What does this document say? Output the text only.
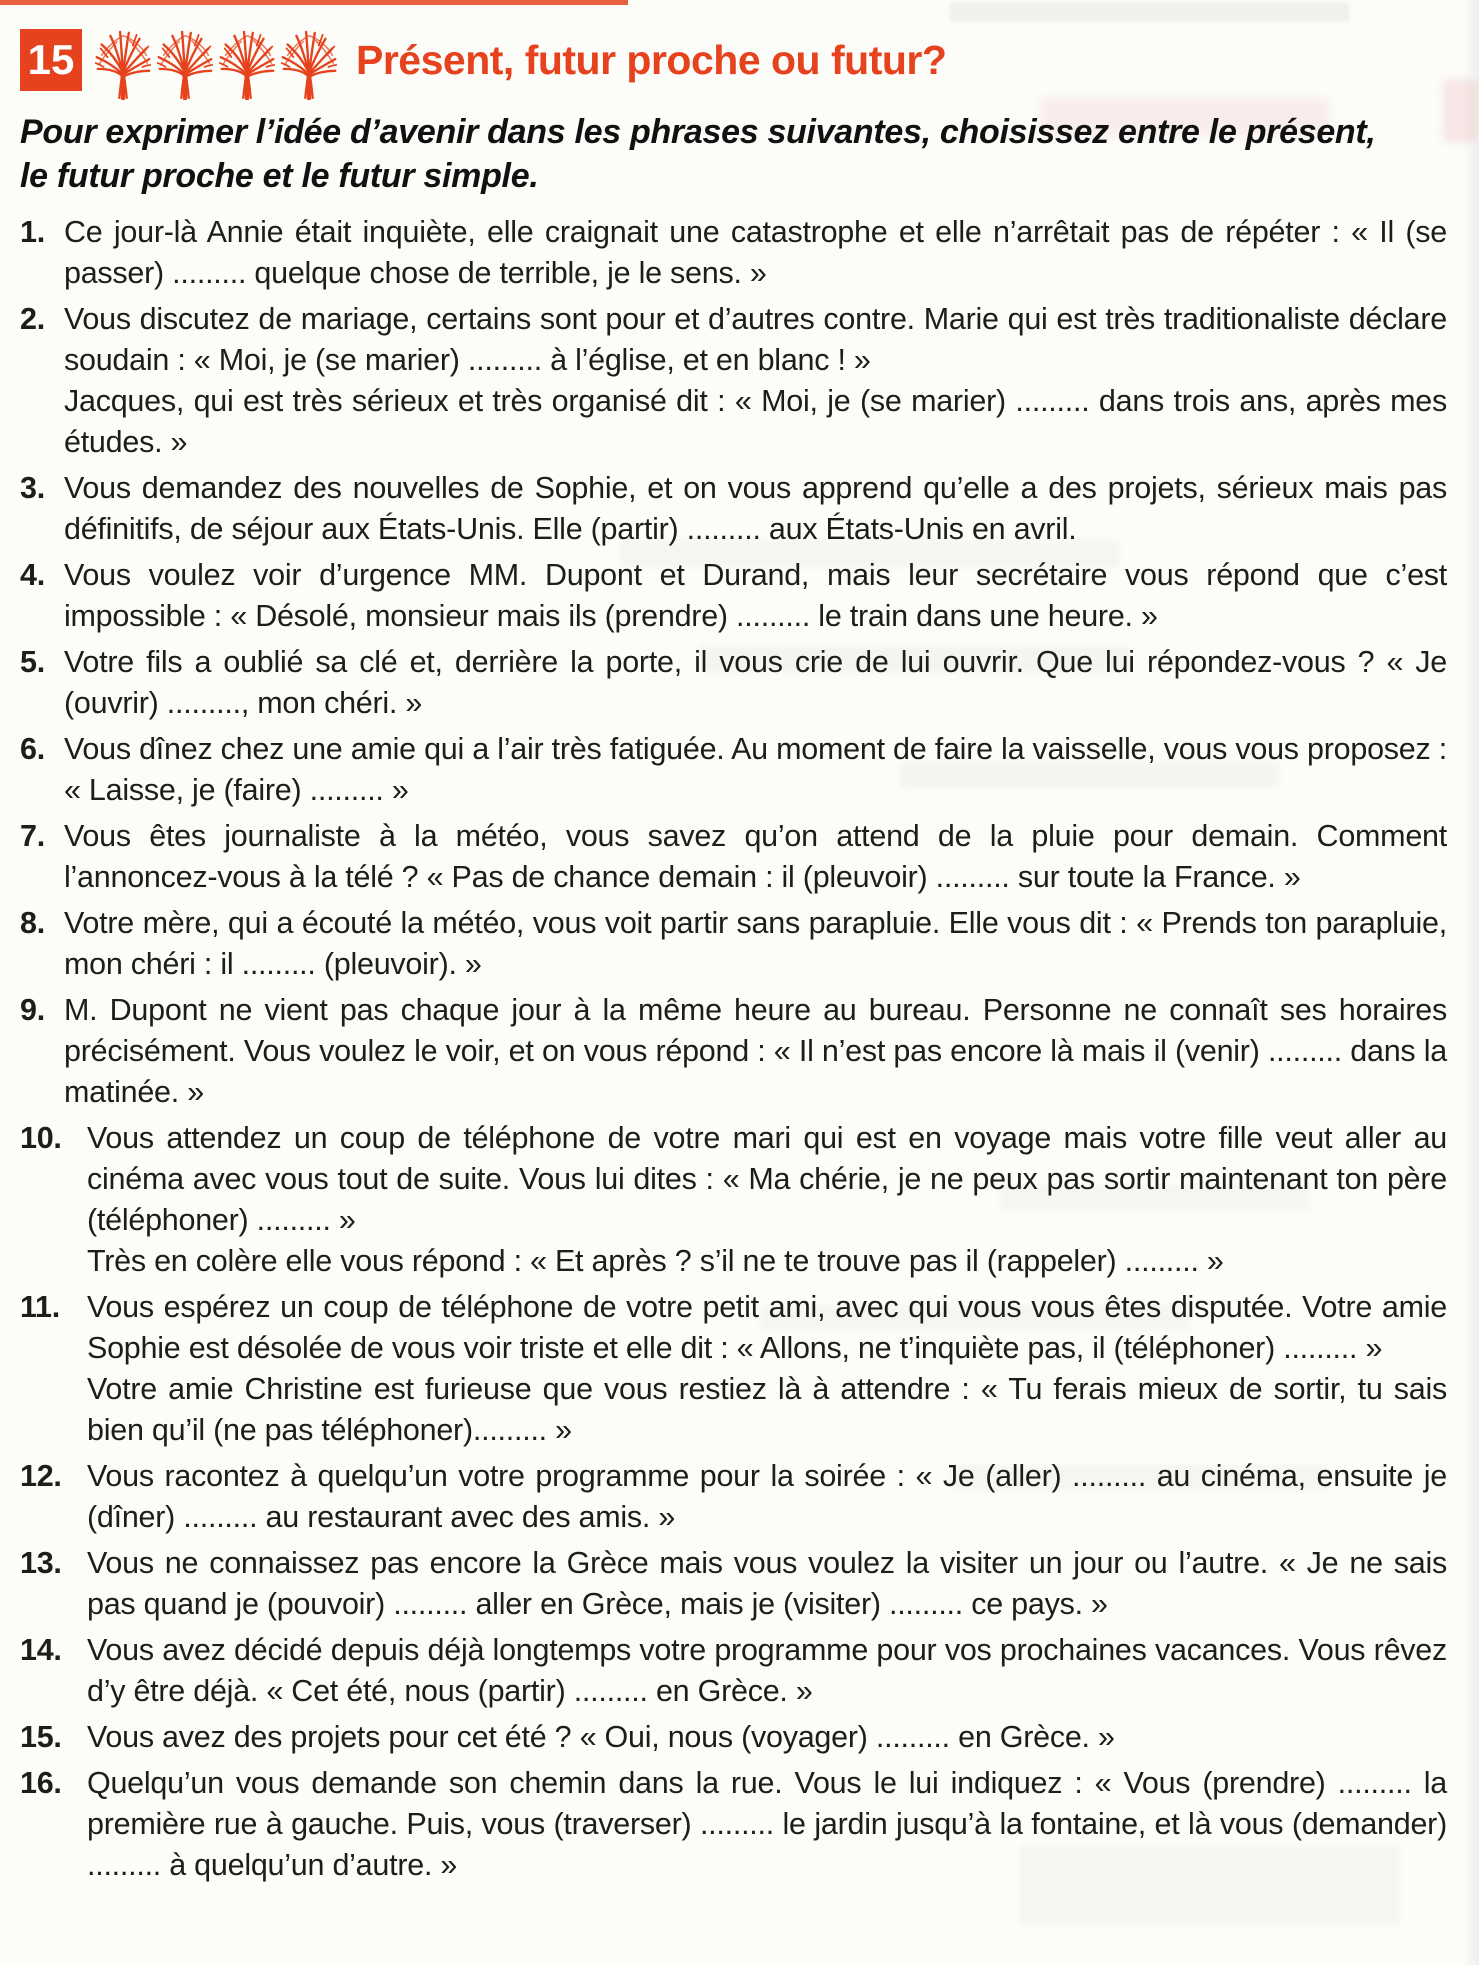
15	Présent, futur proche ou futur?

Pour exprimer l’idée d’avenir dans les phrases suivantes, choisissez entre le présent, le futur proche et le futur simple.

1. Ce jour-là Annie était inquiète, elle craignait une catastrophe et elle n’arrêtait pas de répéter : « Il (se passer) ......... quelque chose de terrible, je le sens. »

2. Vous discutez de mariage, certains sont pour et d’autres contre. Marie qui est très traditionaliste déclare soudain : « Moi, je (se marier) ......... à l’église, et en blanc ! »

Jacques, qui est très sérieux et très organisé dit : « Moi, je (se marier) ......... dans trois ans, après mes études. »

3. Vous demandez des nouvelles de Sophie, et on vous apprend qu’elle a des projets, sérieux mais pas définitifs, de séjour aux États-Unis. Elle (partir) ......... aux États-Unis en avril.

4. Vous voulez voir d’urgence MM. Dupont et Durand, mais leur secrétaire vous répond que c’est impossible : « Désolé, monsieur mais ils (prendre) ......... le train dans une heure. »

5. Votre fils a oublié sa clé et, derrière la porte, il vous crie de lui ouvrir. Que lui répondez-vous ? « Je (ouvrir) ........., mon chéri. »

6. Vous dînez chez une amie qui a l’air très fatiguée. Au moment de faire la vaisselle, vous vous proposez : « Laisse, je (faire) ......... »

7. Vous êtes journaliste à la météo, vous savez qu’on attend de la pluie pour demain. Comment l’annoncez-vous à la télé ? « Pas de chance demain : il (pleuvoir) ......... sur toute la France. »

8. Votre mère, qui a écouté la météo, vous voit partir sans parapluie. Elle vous dit : « Prends ton parapluie, mon chéri : il ......... (pleuvoir). »

9. M. Dupont ne vient pas chaque jour à la même heure au bureau. Personne ne connaît ses horaires précisément. Vous voulez le voir, et on vous répond : « Il n’est pas encore là mais il (venir) ......... dans la matinée. »

10. Vous attendez un coup de téléphone de votre mari qui est en voyage mais votre fille veut aller au cinéma avec vous tout de suite. Vous lui dites : « Ma chérie, je ne peux pas sortir maintenant ton père (téléphoner) ......... »

Très en colère elle vous répond : « Et après ? s’il ne te trouve pas il (rappeler) ......... »

11. Vous espérez un coup de téléphone de votre petit ami, avec qui vous vous êtes disputée. Votre amie Sophie est désolée de vous voir triste et elle dit : « Allons, ne t’inquiète pas, il (téléphoner) ......... »

Votre amie Christine est furieuse que vous restiez là à attendre : « Tu ferais mieux de sortir, tu sais bien qu’il (ne pas téléphoner)......... »

12. Vous racontez à quelqu’un votre programme pour la soirée : « Je (aller) ......... au cinéma, ensuite je (dîner) ......... au restaurant avec des amis. »

13. Vous ne connaissez pas encore la Grèce mais vous voulez la visiter un jour ou l’autre. « Je ne sais pas quand je (pouvoir) ......... aller en Grèce, mais je (visiter) ......... ce pays. »

14. Vous avez décidé depuis déjà longtemps votre programme pour vos prochaines vacances. Vous rêvez d’y être déjà. « Cet été, nous (partir) ......... en Grèce. »

15. Vous avez des projets pour cet été ? « Oui, nous (voyager) ......... en Grèce. »

16. Quelqu’un vous demande son chemin dans la rue. Vous le lui indiquez : « Vous (prendre) ......... la première rue à gauche. Puis, vous (traverser) ......... le jardin jusqu’à la fontaine, et là vous (demander) ......... à quelqu’un d’autre. »
